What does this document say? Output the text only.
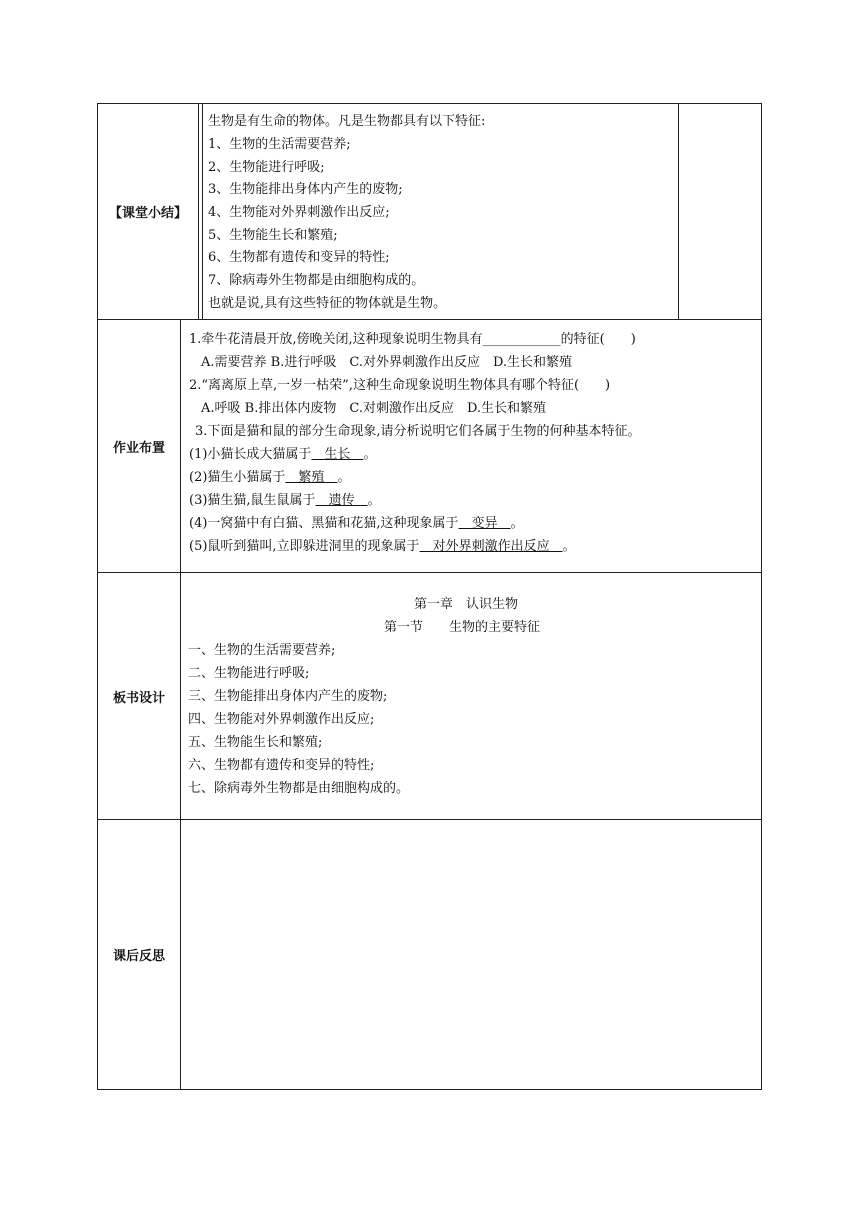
【课堂小结】
生物是有生命的物体。凡是生物都具有以下特征:
1、生物的生活需要营养;
2、生物能进行呼吸;
3、生物能排出身体内产生的废物;
4、生物能对外界刺激作出反应;
5、生物能生长和繁殖;
6、生物都有遗传和变异的特性;
7、除病毒外生物都是由细胞构成的。
也就是说,具有这些特征的物体就是生物。
作业布置
1.牵牛花清晨开放,傍晚关闭,这种现象说明生物具有____________的特征(　　)
A.需要营养 B.进行呼吸　C.对外界刺激作出反应　D.生长和繁殖
2.“离离原上草,一岁一枯荣”,这种生命现象说明生物体具有哪个特征(　　)
A.呼吸 B.排出体内废物　C.对刺激作出反应　D.生长和繁殖
3.下面是猫和鼠的部分生命现象,请分析说明它们各属于生物的何种基本特征。
(1)小猫长成大猫属于　生长　。
(2)猫生小猫属于　繁殖　。
(3)猫生猫,鼠生鼠属于　遗传　。
(4)一窝猫中有白猫、黑猫和花猫,这种现象属于　变异　。
(5)鼠听到猫叫,立即躲进洞里的现象属于　对外界刺激作出反应　。
板书设计
第一章　认识生物
第一节　　生物的主要特征
一、生物的生活需要营养;
二、生物能进行呼吸;
三、生物能排出身体内产生的废物;
四、生物能对外界刺激作出反应;
五、生物能生长和繁殖;
六、生物都有遗传和变异的特性;
七、除病毒外生物都是由细胞构成的。
课后反思
